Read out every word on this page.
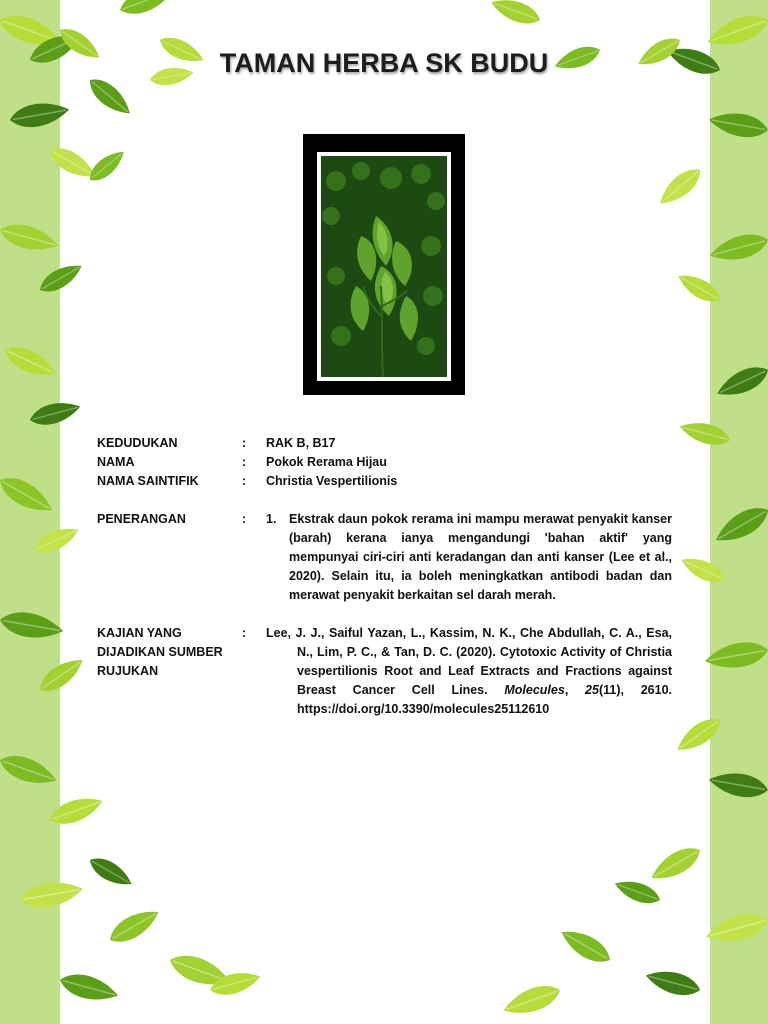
TAMAN HERBA SK BUDU
KEDUDUKAN	: RAK B, B17
NAMA	: Pokok Rerama Hijau
NAMA SAINTIFIK	: Christia Vespertilionis
PENERANGAN	: 1.	Ekstrak daun pokok rerama ini mampu merawat penyakit kanser (barah) kerana ianya mengandungi 'bahan aktif' yang mempunyai ciri-ciri anti keradangan dan anti kanser (Lee et al., 2020). Selain itu, ia boleh meningkatkan antibodi badan dan merawat penyakit berkaitan sel darah merah.
KAJIAN YANG
DIJADIKAN SUMBER
RUJUKAN
: Lee, J. J., Saiful Yazan, L., Kassim, N. K., Che Abdullah, C. A., Esa, N., Lim, P. C., & Tan, D. C. (2020). Cytotoxic Activity of Christia vespertilionis Root and Leaf Extracts and Fractions against Breast Cancer Cell Lines. Molecules, 25(11), 2610. https://doi.org/10.3390/molecules25112610
